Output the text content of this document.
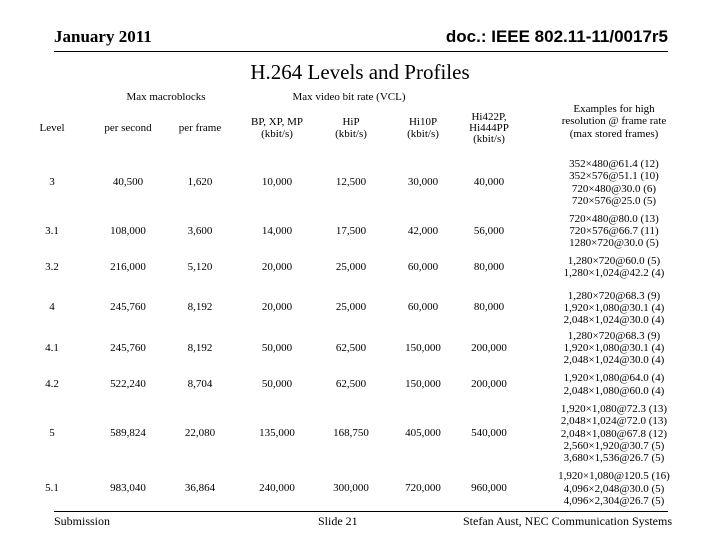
January 2011	doc.: IEEE 802.11-11/0017r5
H.264 Levels and Profiles
	Max macroblocks		Max video bit rate (VCL)				Examples for high resolution @ frame rate (max stored frames)
Level	per second	per frame	BP, XP, MP (kbit/s)	HiP (kbit/s)	Hi10P (kbit/s)	Hi422P, Hi444PP (kbit/s)	
3	40,500	1,620	10,000	12,500	30,000	40,000	352×480@61.4 (12)
352×576@51.1 (10)
720×480@30.0 (6)
720×576@25.0 (5)

3.1	108,000	3,600	14,000	17,500	42,000	56,000	720×480@80.0 (13)
720×576@66.7 (11)
1280×720@30.0 (5)

3.2	216,000	5,120	20,000	25,000	60,000	80,000	1,280×720@60.0 (5)
1,280×1,024@42.2 (4)

4	245,760	8,192	20,000	25,000	60,000	80,000	1,280×720@68.3 (9)
1,920×1,080@30.1 (4)
2,048×1,024@30.0 (4)

4.1	245,760	8,192	50,000	62,500	150,000	200,000	1,280×720@68.3 (9)
1,920×1,080@30.1 (4)
2,048×1,024@30.0 (4)

4.2	522,240	8,704	50,000	62,500	150,000	200,000	1,920×1,080@64.0 (4)
2,048×1,080@60.0 (4)

5	589,824	22,080	135,000	168,750	405,000	540,000	1,920×1,080@72.3 (13)
2,048×1,024@72.0 (13)
2,048×1,080@67.8 (12)
2,560×1,920@30.7 (5)
3,680×1,536@26.7 (5)

5.1	983,040	36,864	240,000	300,000	720,000	960,000	1,920×1,080@120.5 (16)
4,096×2,048@30.0 (5)
4,096×2,304@26.7 (5)
Submission	Slide 21	Stefan Aust, NEC Communication Systems
